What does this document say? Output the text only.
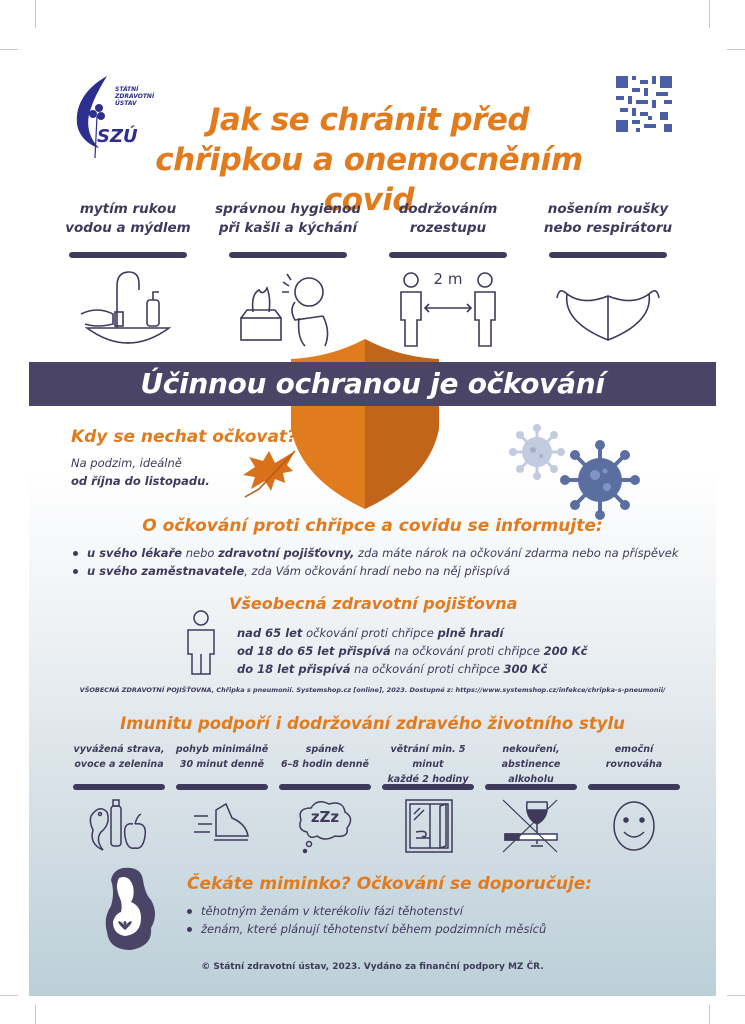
STÁTNÍ
ZDRAVOTNÍ
ÚSTAV
SZÚ	Jak se chránit před
chřipkou a onemocněním covid
mytím rukou
vodou a mýdlem
správnou hygienou
při kašli a kýchání
dodržováním
rozestupu
2 m
nošením roušky
nebo respirátoru
Účinnou ochranou je očkování
Kdy se nechat očkovat?
Na podzim, ideálně
od října do listopadu.
O očkování proti chřipce a covidu se informujte:
u svého lékaře nebo zdravotní pojišťovny, zda máte nárok na očkování zdarma nebo na příspěvek
u svého zaměstnavatele, zda Vám očkování hradí nebo na něj přispívá
Všeobecná zdravotní pojišťovna
nad 65 let očkování proti chřipce plně hradí
od 18 do 65 let přispívá na očkování proti chřipce 200 Kč
do 18 let přispívá na očkování proti chřipce 300 Kč
VŠOBECNÁ ZDRAVOTNÍ POJIŠŤOVNA, Chřipka s pneumonií. Systemshop.cz [online], 2023. Dostupné z: https://www.systemshop.cz/infekce/chripka-s-pneumonii/
Imunitu podpoří i dodržování zdravého životního stylu
vyvážená strava,
ovoce a zelenina
pohyb minimálně
30 minut denně
spánek
6–8 hodin denně
zZz
větrání min. 5 minut
každé 2 hodiny
nekouření,
abstinence alkoholu
emoční
rovnováha
Čekáte miminko? Očkování se doporučuje:
těhotným ženám v kterékoliv fázi těhotenství
ženám, které plánují těhotenství během podzimních měsíců
© Státní zdravotní ústav, 2023. Vydáno za finanční podpory MZ ČR.
